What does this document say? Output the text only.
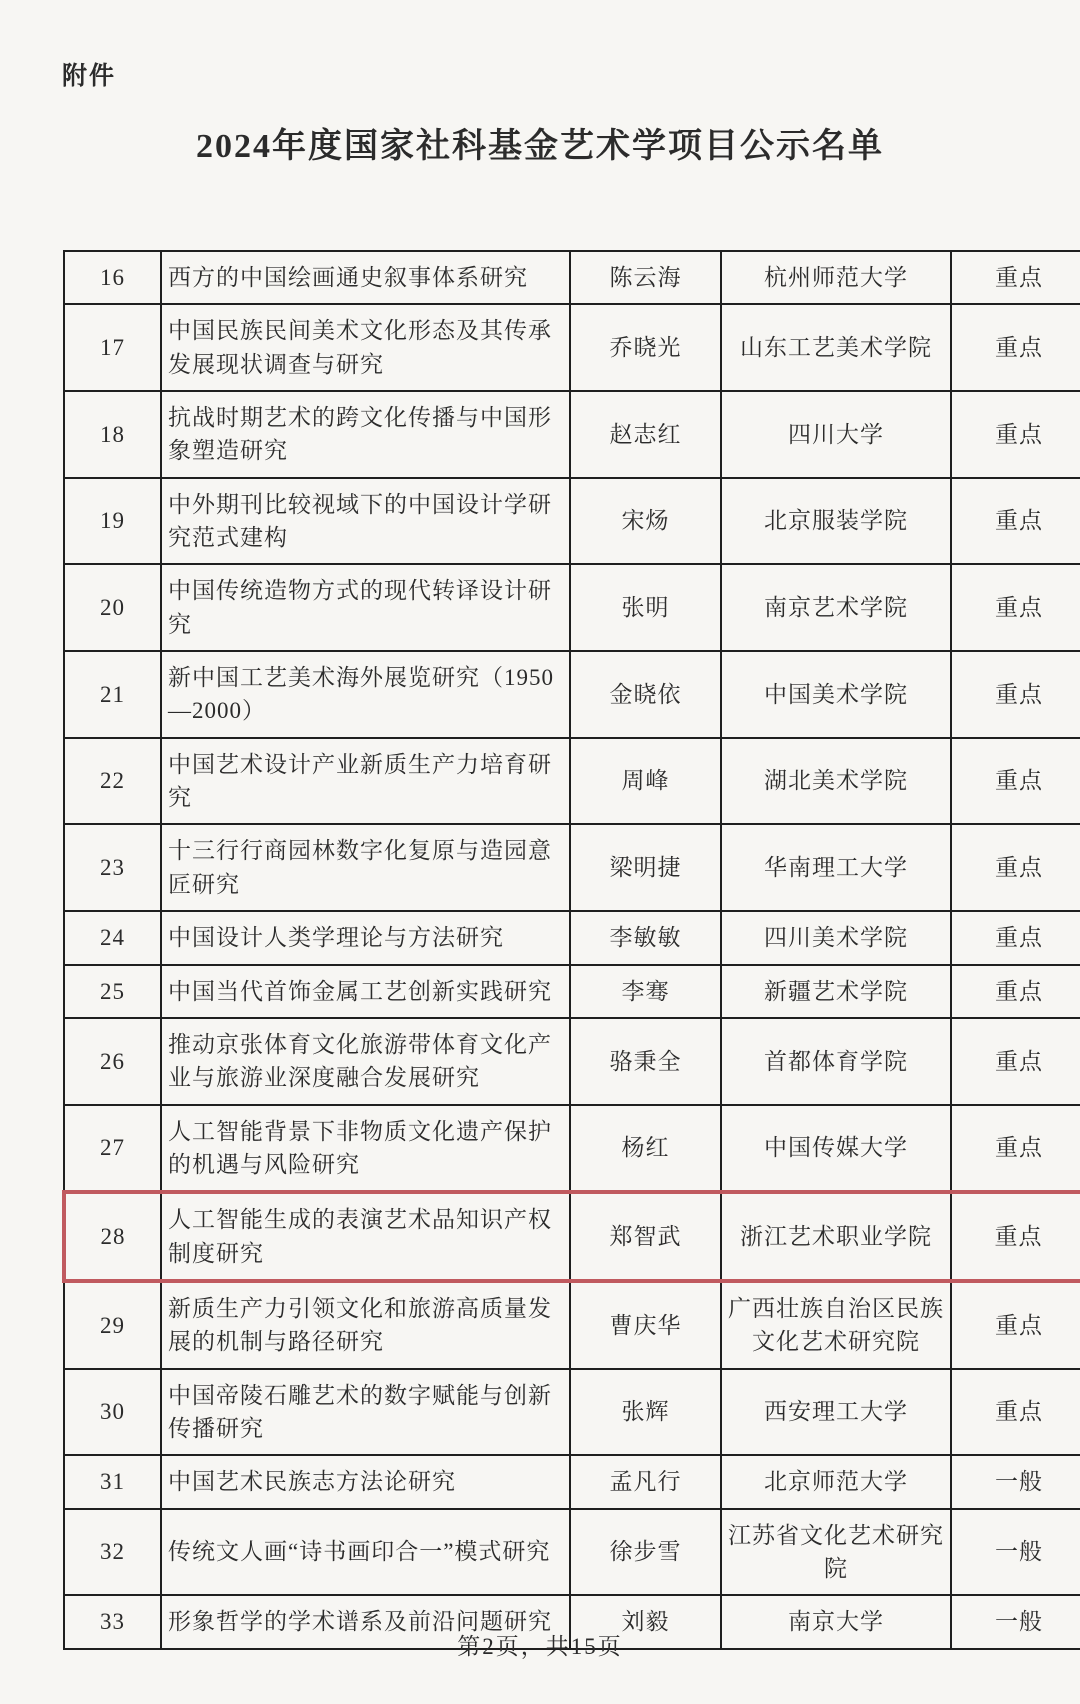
附件
2024年度国家社科基金艺术学项目公示名单
16	西方的中国绘画通史叙事体系研究	陈云海	杭州师范大学	重点
17	中国民族民间美术文化形态及其传承发展现状调查与研究	乔晓光	山东工艺美术学院	重点
18	抗战时期艺术的跨文化传播与中国形象塑造研究	赵志红	四川大学	重点
19	中外期刊比较视域下的中国设计学研究范式建构	宋炀	北京服装学院	重点
20	中国传统造物方式的现代转译设计研究	张明	南京艺术学院	重点
21	新中国工艺美术海外展览研究（1950—2000）	金晓依	中国美术学院	重点
22	中国艺术设计产业新质生产力培育研究	周峰	湖北美术学院	重点
23	十三行行商园林数字化复原与造园意匠研究	梁明捷	华南理工大学	重点
24	中国设计人类学理论与方法研究	李敏敏	四川美术学院	重点
25	中国当代首饰金属工艺创新实践研究	李骞	新疆艺术学院	重点
26	推动京张体育文化旅游带体育文化产业与旅游业深度融合发展研究	骆秉全	首都体育学院	重点
27	人工智能背景下非物质文化遗产保护的机遇与风险研究	杨红	中国传媒大学	重点
28	人工智能生成的表演艺术品知识产权制度研究	郑智武	浙江艺术职业学院	重点
29	新质生产力引领文化和旅游高质量发展的机制与路径研究	曹庆华	广西壮族自治区民族文化艺术研究院	重点
30	中国帝陵石雕艺术的数字赋能与创新传播研究	张辉	西安理工大学	重点
31	中国艺术民族志方法论研究	孟凡行	北京师范大学	一般
32	传统文人画“诗书画印合一”模式研究	徐步雪	江苏省文化艺术研究院	一般
33	形象哲学的学术谱系及前沿问题研究	刘毅	南京大学	一般
第2页，共15页
